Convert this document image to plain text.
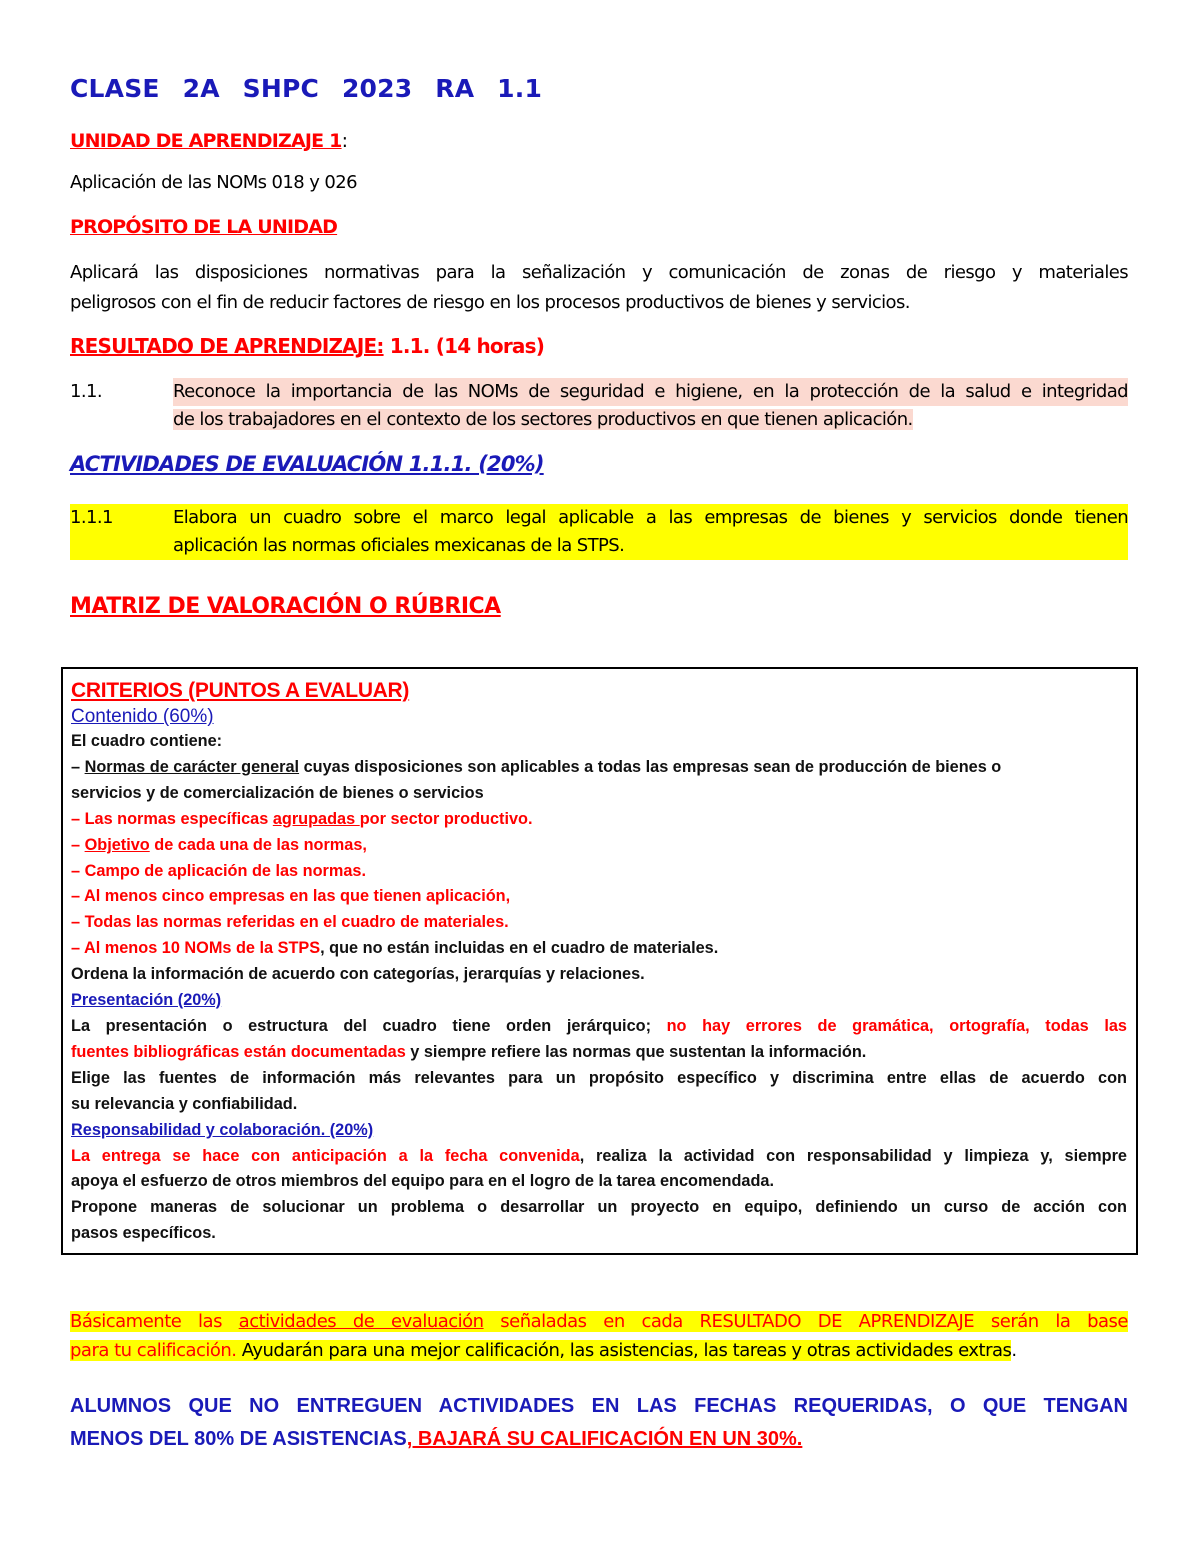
CLASE 2A SHPC 2023 RA 1.1
UNIDAD DE APRENDIZAJE 1:
Aplicación de las NOMs 018 y 026
PROPÓSITO DE LA UNIDAD
Aplicará las disposiciones normativas para la señalización y comunicación de zonas de riesgo y materiales
peligrosos con el fin de reducir factores de riesgo en los procesos productivos de bienes y servicios.
RESULTADO DE APRENDIZAJE: 1.1. (14 horas)
1.1.	Reconoce la importancia de las NOMs de seguridad e higiene, en la protección de la salud e integridad
de los trabajadores en el contexto de los sectores productivos en que tienen aplicación.
ACTIVIDADES DE EVALUACIÓN 1.1.1. (20%)
1.1.1	Elabora un cuadro sobre el marco legal aplicable a las empresas de bienes y servicios donde tienen
aplicación las normas oficiales mexicanas de la STPS.
MATRIZ DE VALORACIÓN O RÚBRICA
CRITERIOS (PUNTOS A EVALUAR)
Contenido (60%)
El cuadro contiene:
– Normas de carácter general cuyas disposiciones son aplicables a todas las empresas sean de producción de bienes o
servicios y de comercialización de bienes o servicios
– Las normas específicas agrupadas por sector productivo.
– Objetivo de cada una de las normas,
– Campo de aplicación de las normas.
– Al menos cinco empresas en las que tienen aplicación,
– Todas las normas referidas en el cuadro de materiales.
– Al menos 10 NOMs de la STPS, que no están incluidas en el cuadro de materiales.
Ordena la información de acuerdo con categorías, jerarquías y relaciones.
Presentación (20%)
La presentación o estructura del cuadro tiene orden jerárquico; no hay errores de gramática, ortografía, todas las
fuentes bibliográficas están documentadas y siempre refiere las normas que sustentan la información.
Elige las fuentes de información más relevantes para un propósito específico y discrimina entre ellas de acuerdo con
su relevancia y confiabilidad.
Responsabilidad y colaboración. (20%)
La entrega se hace con anticipación a la fecha convenida, realiza la actividad con responsabilidad y limpieza y, siempre
apoya el esfuerzo de otros miembros del equipo para en el logro de la tarea encomendada.
Propone maneras de solucionar un problema o desarrollar un proyecto en equipo, definiendo un curso de acción con
pasos específicos.
Básicamente las actividades de evaluación señaladas en cada RESULTADO DE APRENDIZAJE serán la base
para tu calificación. Ayudarán para una mejor calificación, las asistencias, las tareas y otras actividades extras.
ALUMNOS QUE NO ENTREGUEN ACTIVIDADES EN LAS FECHAS REQUERIDAS, O QUE TENGAN
MENOS DEL 80% DE ASISTENCIAS, BAJARÁ SU CALIFICACIÓN EN UN 30%.
